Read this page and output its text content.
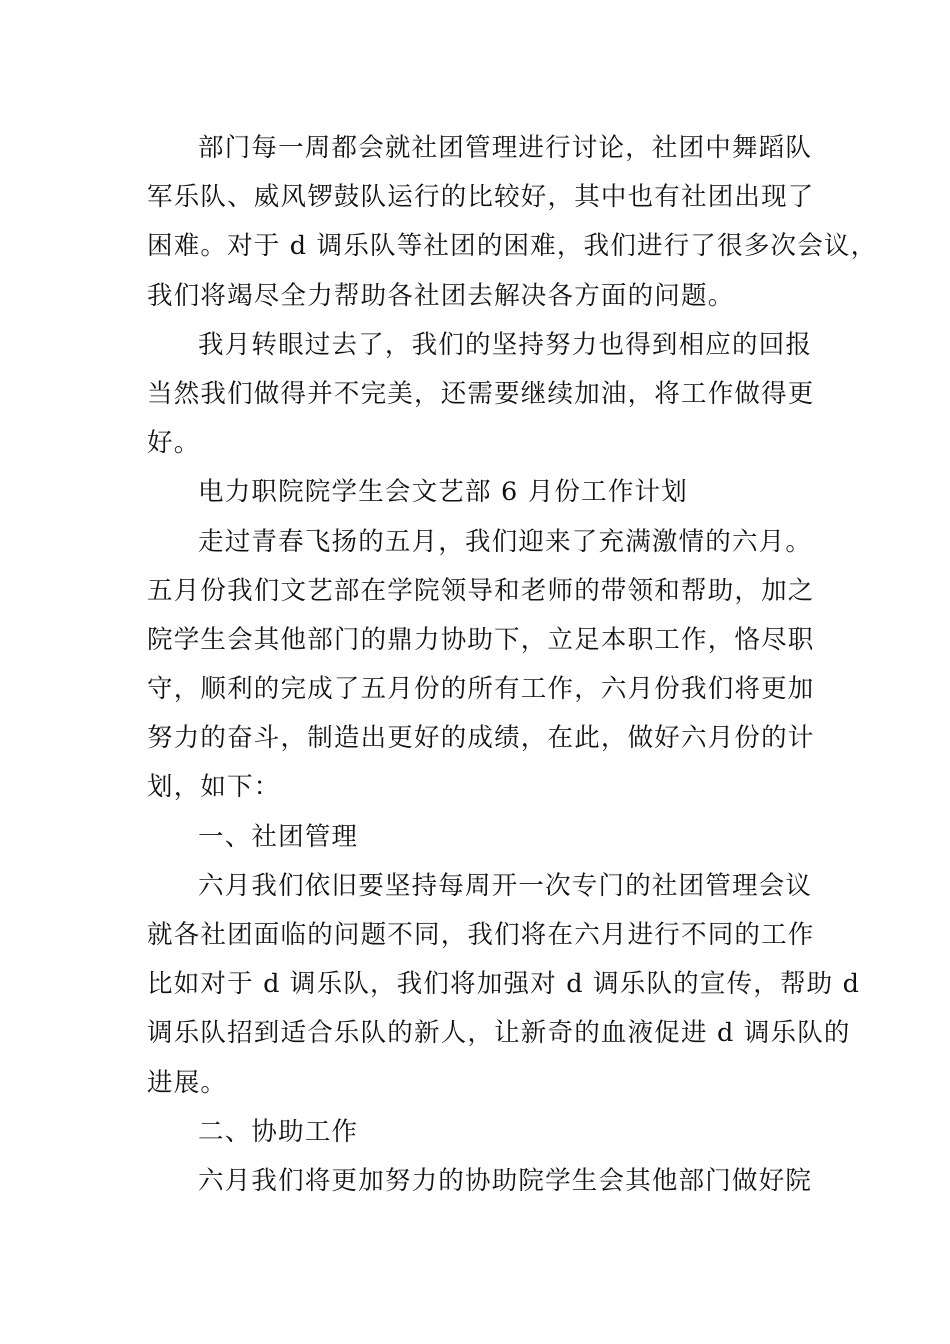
部门每一周都会就社团管理进行讨论，社团中舞蹈队
军乐队、威风锣鼓队运行的比较好，其中也有社团出现了
困难。对于 d 调乐队等社团的困难，我们进行了很多次会议，
我们将竭尽全力帮助各社团去解决各方面的问题。
我月转眼过去了，我们的坚持努力也得到相应的回报
当然我们做得并不完美，还需要继续加油，将工作做得更
好。
电力职院院学生会文艺部 6 月份工作计划
走过青春飞扬的五月，我们迎来了充满激情的六月。
五月份我们文艺部在学院领导和老师的带领和帮助，加之
院学生会其他部门的鼎力协助下，立足本职工作，恪尽职
守，顺利的完成了五月份的所有工作，六月份我们将更加
努力的奋斗，制造出更好的成绩，在此，做好六月份的计
划，如下：
一、社团管理
六月我们依旧要坚持每周开一次专门的社团管理会议
就各社团面临的问题不同，我们将在六月进行不同的工作
比如对于 d 调乐队，我们将加强对 d 调乐队的宣传，帮助 d
调乐队招到适合乐队的新人，让新奇的血液促进 d 调乐队的
进展。
二、协助工作
六月我们将更加努力的协助院学生会其他部门做好院
